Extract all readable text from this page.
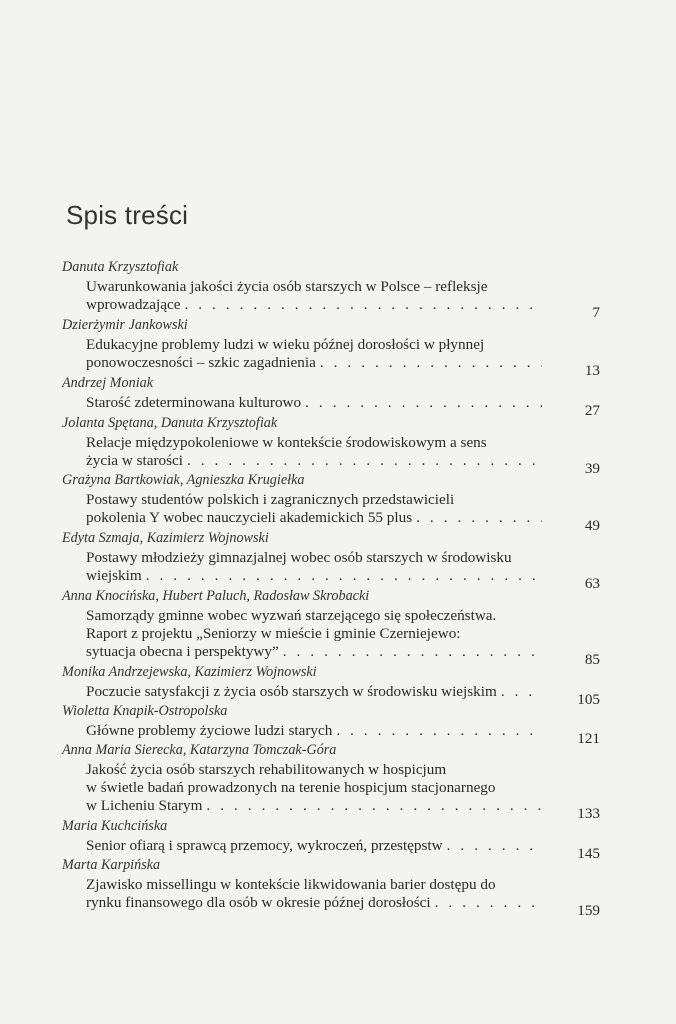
Spis treści
Danuta Krzysztofiak
Uwarunkowania jakości życia osób starszych w Polsce – refleksje
wprowadzające . . .	7
Dzierżymir Jankowski
Edukacyjne problemy ludzi w wieku późnej dorosłości w płynnej
ponowoczesności – szkic zagadnienia . . .	13
Andrzej Moniak
Starość zdeterminowana kulturowo . . .	27
Jolanta Spętana, Danuta Krzysztofiak
Relacje międzypokoleniowe w kontekście środowiskowym a sens
życia w starości . . .	39
Grażyna Bartkowiak, Agnieszka Krugiełka
Postawy studentów polskich i zagranicznych przedstawicieli
pokolenia Y wobec nauczycieli akademickich 55 plus . . .	49
Edyta Szmaja, Kazimierz Wojnowski
Postawy młodzieży gimnazjalnej wobec osób starszych w środowisku
wiejskim . . .	63
Anna Knocińska, Hubert Paluch, Radosław Skrobacki
Samorządy gminne wobec wyzwań starzejącego się społeczeństwa.
Raport z projektu „Seniorzy w mieście i gminie Czerniejewo:
sytuacja obecna i perspektywy” . . .	85
Monika Andrzejewska, Kazimierz Wojnowski
Poczucie satysfakcji z życia osób starszych w środowisku wiejskim . . .	105
Wioletta Knapik-Ostropolska
Główne problemy życiowe ludzi starych . . .	121
Anna Maria Sierecka, Katarzyna Tomczak-Góra
Jakość życia osób starszych rehabilitowanych w hospicjum
w świetle badań prowadzonych na terenie hospicjum stacjonarnego
w Licheniu Starym . . .	133
Maria Kuchcińska
Senior ofiarą i sprawcą przemocy, wykroczeń, przestępstw . . .	145
Marta Karpińska
Zjawisko missellingu w kontekście likwidowania barier dostępu do
rynku finansowego dla osób w okresie późnej dorosłości . . .	159
